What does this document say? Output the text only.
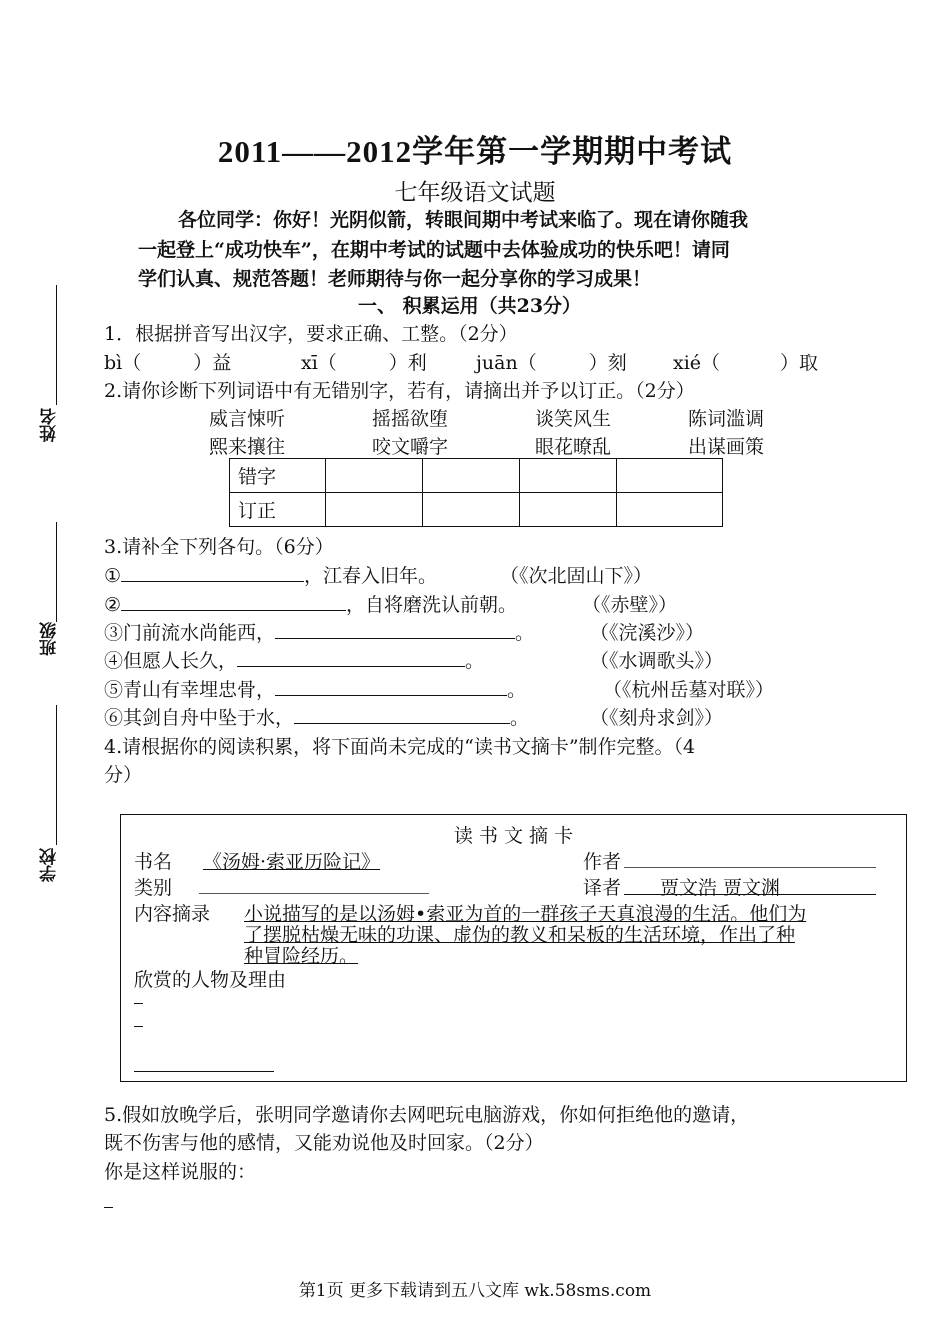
2011——2012学年第一学期期中考试
七年级语文试题
各位同学：你好！光阴似箭，转眼间期中考试来临了。现在请你随我
一起登上“成功快车”，在期中考试的试题中去体验成功的快乐吧！请同
学们认真、规范答题！老师期待与你一起分享你的学习成果！
一、 积累运用（共23分）
姓名
班级
学校
1．根据拼音写出汉字，要求正确、工整。（2分）
bì（	）益	xī（	）利	juān（	）刻 xié（	）取
2.请你诊断下列词语中有无错别字，若有，请摘出并予以订正。（2分）
威言悚听	摇摇欲堕	谈笑风生	陈词滥调
熙来攘往	咬文嚼字	眼花暸乱	出谋画策
错字				
订正				
3.请补全下列各句。（6分）
①	，江春入旧年。	（《次北固山下》）
②	，自将磨洗认前朝。	（《赤壁》）
③门前流水尚能西，	。	（《浣溪沙》）
④但愿人长久，	。	（《水调歌头》）
⑤青山有幸埋忠骨，	。	（《杭州岳墓对联》）
⑥其剑自舟中坠于水，	。	（《刻舟求剑》）
4.请根据你的阅读积累，将下面尚未完成的“读书文摘卡”制作完整。（4
分）
读 书 文 摘 卡
书名 《汤姆·索亚历险记》	作者
类别	译者	贾文浩 贾文渊
内容摘录 小说描写的是以汤姆•索亚为首的一群孩子天真浪漫的生活。他们为
了摆脱枯燥无味的功课、虚伪的教义和呆板的生活环境，作出了种
种冒险经历。
欣赏的人物及理由
5.假如放晚学后，张明同学邀请你去网吧玩电脑游戏，你如何拒绝他的邀请，
既不伤害与他的感情，又能劝说他及时回家。（2分）
你是这样说服的：
第1页 更多下载请到五八文库 wk.58sms.com
